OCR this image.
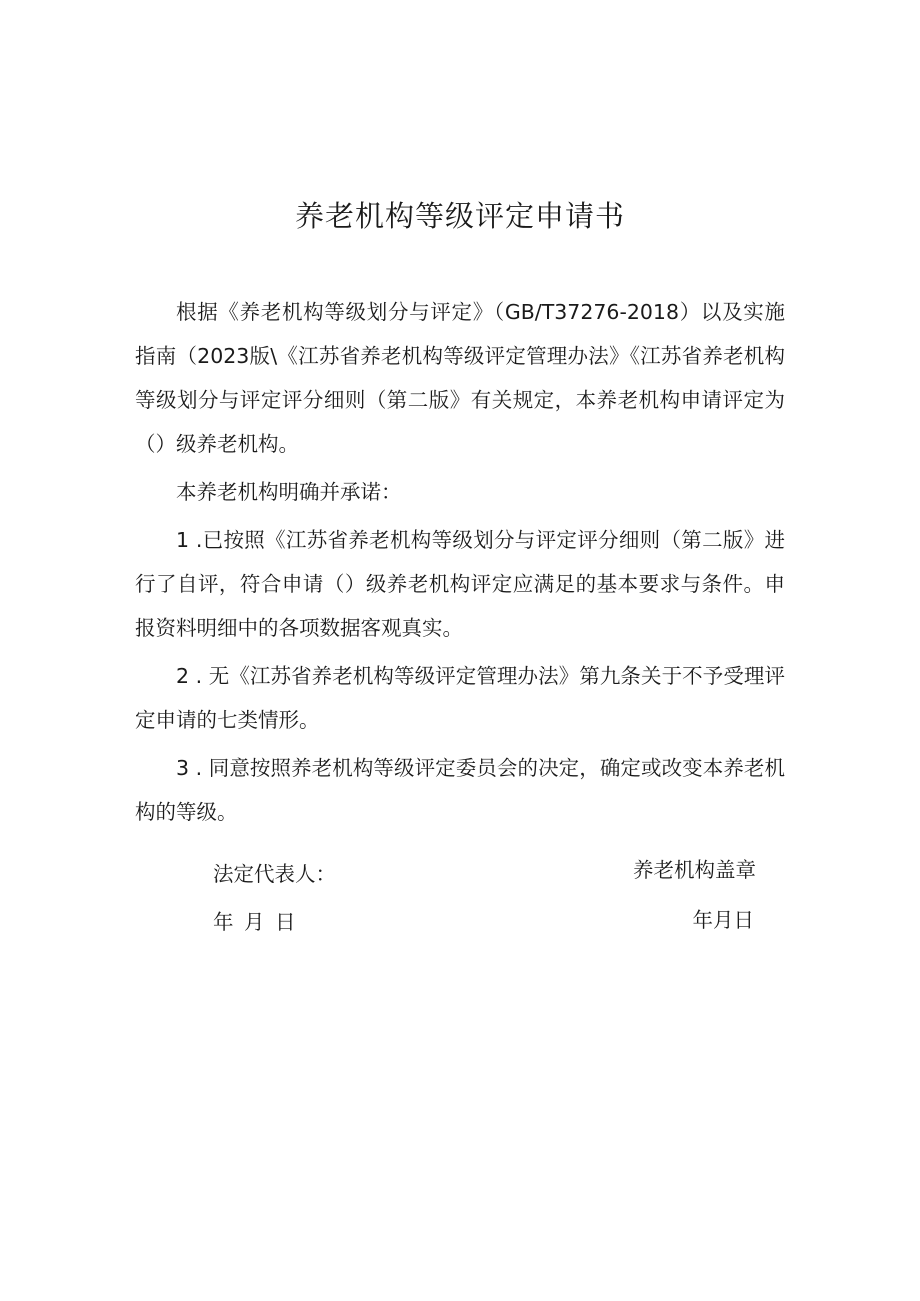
养老机构等级评定申请书

根据《养老机构等级划分与评定》（GB/T37276-2018）以及实施指南（2023版\《江苏省养老机构等级评定管理办法》《江苏省养老机构等级划分与评定评分细则（第二版》有关规定，本养老机构申请评定为（）级养老机构。

本养老机构明确并承诺：

1 .已按照《江苏省养老机构等级划分与评定评分细则（第二版》进行了自评，符合申请（）级养老机构评定应满足的基本要求与条件。申报资料明细中的各项数据客观真实。

2 . 无《江苏省养老机构等级评定管理办法》第九条关于不予受理评定申请的七类情形。

3 . 同意按照养老机构等级评定委员会的决定，确定或改变本养老机构的等级。

法定代表人：	养老机构盖章
年 月 日	年月日
